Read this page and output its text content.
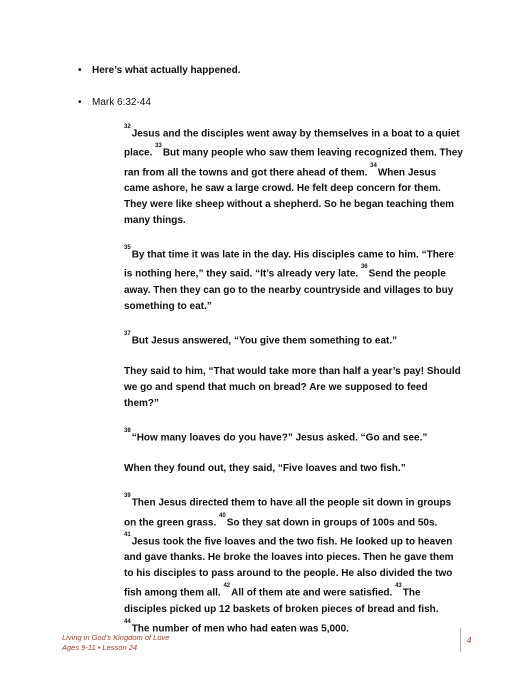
• Here’s what actually happened.
• Mark 6:32-44

$^{32}$Jesus and the disciples went away by themselves in a boat to a quiet place. $^{33}$But many people who saw them leaving recognized them. They ran from all the towns and got there ahead of them. $^{34}$When Jesus came ashore, he saw a large crowd. He felt deep concern for them. They were like sheep without a shepherd. So he began teaching them many things.

$^{35}$By that time it was late in the day. His disciples came to him. “There is nothing here,” they said. “It’s already very late. $^{36}$Send the people away. Then they can go to the nearby countryside and villages to buy something to eat.”

$^{37}$But Jesus answered, “You give them something to eat.”

They said to him, “That would take more than half a year’s pay! Should we go and spend that much on bread? Are we supposed to feed them?”

$^{38}$“How many loaves do you have?” Jesus asked. “Go and see.”

When they found out, they said, “Five loaves and two fish.”

$^{39}$Then Jesus directed them to have all the people sit down in groups on the green grass. $^{40}$So they sat down in groups of 100s and 50s. $^{41}$Jesus took the five loaves and the two fish. He looked up to heaven and gave thanks. He broke the loaves into pieces. Then he gave them to his disciples to pass around to the people. He also divided the two fish among them all. $^{42}$All of them ate and were satisfied. $^{43}$The disciples picked up 12 baskets of broken pieces of bread and fish. $^{44}$The number of men who had eaten was 5,000.

Living in God’s Kingdom of Love
Ages 9-11 • Lesson 24
4
